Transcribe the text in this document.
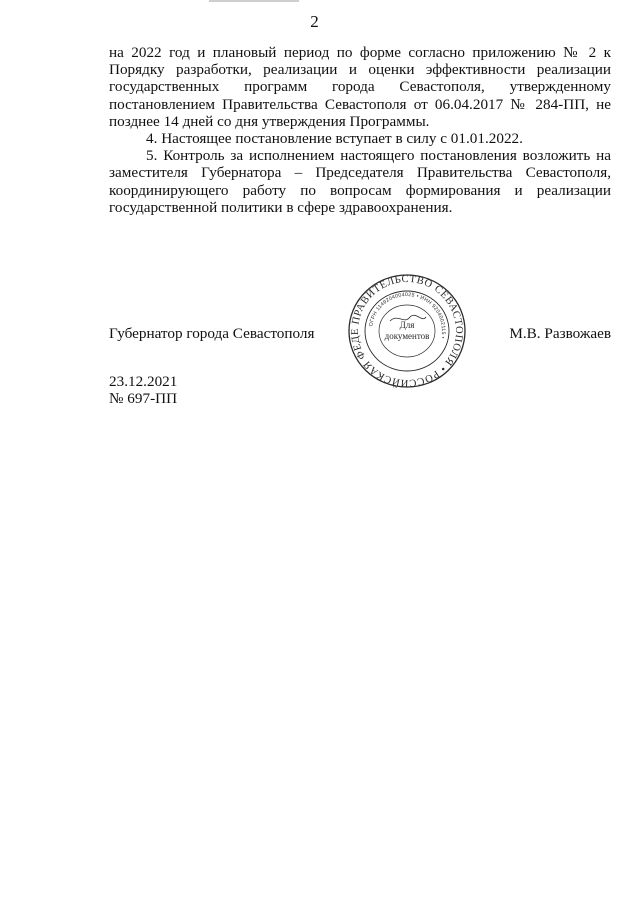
2

на 2022 год и плановый период по форме согласно приложению № 2 к Порядку разработки, реализации и оценки эффективности реализации государственных программ города Севастополя, утвержденному постановлением Правительства Севастополя от 06.04.2017 № 284-ПП, не позднее 14 дней со дня утверждения Программы.

4. Настоящее постановление вступает в силу с 01.01.2022.

5. Контроль за исполнением настоящего постановления возложить на заместителя Губернатора – Председателя Правительства Севастополя, координирующего работу по вопросам формирования и реализации государственной политики в сфере здравоохранения.

Губернатор города Севастополя	М.В. Развожаев
ПРАВИТЕЛЬСТВО СЕВАСТОПОЛЯ • РОССИЙСКАЯ ФЕДЕ
ОГРН 1149204004025 • ИНН 9204002115 •
Для
документов
23.12.2021
№ 697-ПП
